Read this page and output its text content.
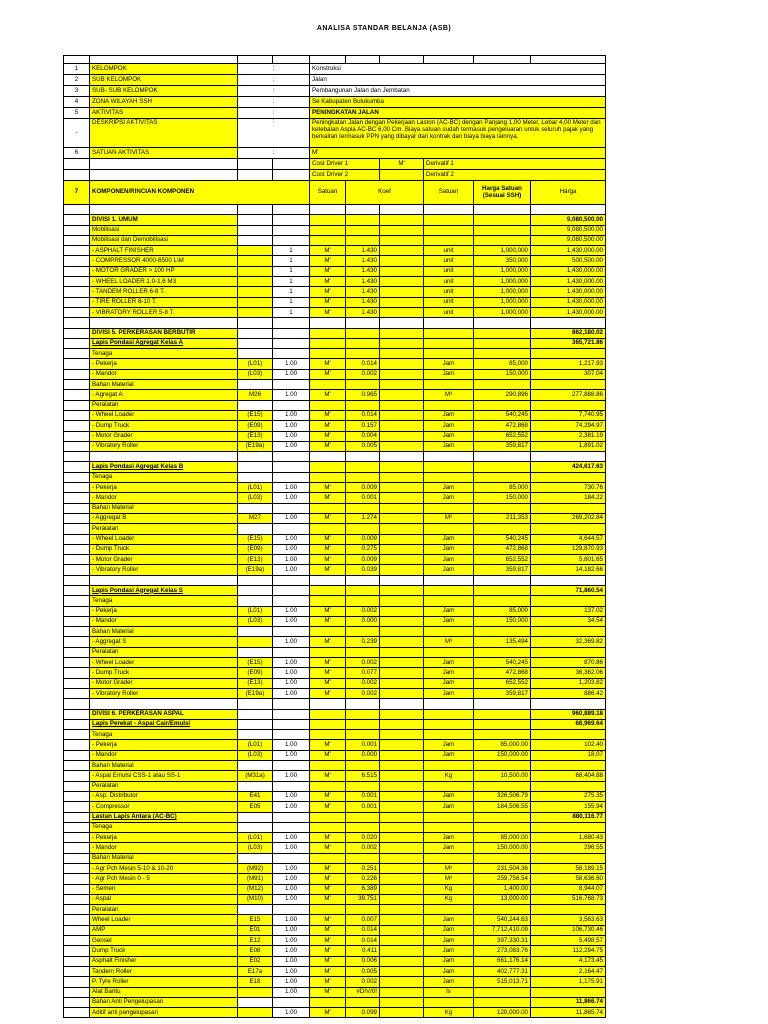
ANALISA STANDAR BELANJA (ASB)

1	KELOMPOK	:		Konstruksi					
2	SUB KELOMPOK	:		Jalan					
3	SUB- SUB KELOMPOK	:		Pembangunan Jalan dan Jembatan					
4	ZONA WILAYAH SSH	:		Se Kabupaten Bulukumba					
5	AKTIVITAS	:		PENINGKATAN JALAN					
-	DESKRIPSI AKTIVITAS	:		Peningkatan Jalan dengan Pekerjaan Laston (AC-BC) dengan Panjang 1,00 Meter, Lebar 4,00 Meter dan ketebalan Aspla AC-BC 6,00 Cm. Biaya satuan sudah termasuk pengeluaran untuk seluruh pajak yang berkaitan termasuk PPN yang dibayar dari kontrak dan biaya biaya lainnya.					
6	SATUAN AKTIVITAS	:		M'					
				Cost Driver 1		M'	Derivatif 1		
				Cost Driver 2			Derivatif 2		
7	KOMPONEN/RINCIAN KOMPONEN			Satuan	Koef		Satuan	Harga Satuan (Sesuai SSH)	Harga

	DIVISI 1. UMUM								9,080,500.00
	Mobilisasi								9,080,500.00
	Mobilisasi dan Demobilisasi								9,080,500.00
	- ASPHALT FINISHER		1	M'	1.430		unit	1,000,000	1,430,000.00
	- COMPRESSOR 4000-6500 L\M		1	M'	1.430		unit	350,000	500,500.00
	- MOTOR GRADER > 100 HP		1	M'	1.430		unit	1,000,000	1,430,000.00
	- WHEEL LOADER 1.0-1.6 M3		1	M'	1.430		unit	1,000,000	1,430,000.00
	- TANDEM ROLLER 6-8 T.		1	M'	1.430		unit	1,000,000	1,430,000.00
	- TIRE ROLLER 8-10 T.		1	M'	1.430		unit	1,000,000	1,430,000.00
	- VIBRATORY ROLLER 5-8 T.		1	M'	1.430		unit	1,000,000	1,430,000.00

	DIVISI 5. PERKERASAN BERBUTIR								862,180.02
	Lapis Pondasi Agregat Kelas A								365,721.86
	Tenaga								
	- Pekerja	(L01)	1.00	M'	0.014		Jam	85,000	1,217.93
	- Mandor	(L03)	1.00	M'	0.002		Jam	150,000	307.04
	Bahan Material								
	- Agregat A	M26	1.00	M'	0.965		M³	290,896	277,888.86
	Peralatan								
	- Wheel Loader	(E15)	1.00	M'	0.014		Jam	540,245	7,740.95
	- Dump Truck	(E09)	1.00	M'	0.157		Jam	472,868	74,294.97
	- Motor Grader	(E13)	1.00	M'	0.004		Jam	652,552	2,381.19
	- Vibratory Roller	(E19a)	1.00	M'	0.005		Jam	359,817	1,891.02

	Lapis Pondasi Agregat Kelas B								424,617.63
	Tenaga								
	- Pekerja	(L01)	1.00	M'	0.009		Jam	85,000	730.76
	- Mandor	(L03)	1.00	M'	0.001		Jam	150,000	184.22
	Bahan Material								
	- Aggregat B	M27	1.00	M'	1.274		M³	211,353	269,202.84
	Peralatan								
	- Wheel Loader	(E15)	1.00	M'	0.009		Jam	540,245	4,644.57
	- Dump Truck	(E09)	1.00	M'	0.275		Jam	472,868	129,870.93
	- Motor Grader	(E13)	1.00	M'	0.009		Jam	652,552	5,801.65
	- Vibratory Roller	(E19a)	1.00	M'	0.039		Jam	359,817	14,182.66

	Lapis Pondasi Agregat Kelas S								71,860.54
	Tenaga								
	- Pekerja	(L01)	1.00	M'	0.002		Jam	85,000	137.02
	- Mandor	(L03)	1.00	M'	0.000		Jam	150,000	34.54
	Bahan Material								
	- Aggregat S		1.00	M'	0.239		M³	135,494	32,369.82
	Peralatan								
	- Wheel Loader	(E15)	1.00	M'	0.002		Jam	540,245	870.86
	- Dump Truck	(E09)	1.00	M'	0.077		Jam	472,868	36,362.06
	- Motor Grader	(E13)	1.00	M'	0.002		Jam	652,552	1,203.82
	- Vibratory Roller	(E19a)	1.00	M'	0.002		Jam	359,817	886.42

	DIVISI 6. PERKERASAN ASPAL								960,889.18
	Lapis Perekat - Aspal Cair/Emulsi								68,969.64
	Tenaga								
	- Pekerja	(L01)	1.00	M'	0.001		Jam	85,000.00	102.40
	- Mandor	(L03)	1.00	M'	0.000		Jam	150,000.00	18.07
	Bahan Material								
	- Aspal Emulsi CSS-1 atau SS-1	(M31a)	1.00	M'	6.515		Kg	10,500.00	68,404.88
	Peralatan								
	- Asp. Distributor	E41	1.00	M'	0.001		Jam	326,506.79	275.35
	- Compressor	E05	1.00	M'	0.001		Jam	184,506.55	155.94
	Lastan Lapis Antara (AC-BC)								880,116.77
	Tenaga								
	- Pekerja	(L01)	1.00	M'	0.020		Jam	85,000.00	1,680.43
	- Mandor	(L03)	1.00	M'	0.002		Jam	150,000.00	296.55
	Bahan Material								
	- Agr Pch Mesin 5-10 & 10-20	(M92)	1.00	M'	0.251		M³	231,504.36	58,189.15
	- Agr Pch Mesin 0 - 5	(M91)	1.00	M'	0.226		M³	259,756.54	58,636.60
	- Semen	(M12)	1.00	M'	6.389		Kg	1,400.00	8,944.07
	- Aspal	(M10)	1.00	M'	39.751		Kg	13,000.00	516,768.73
	Peralatan								
	Wheel Loader	E15	1.00	M'	0.007		Jam	540,244.63	3,563.63
	AMP	E01	1.00	M'	0.014		Jam	7,712,410.09	106,730.46
	Gensel	E12	1.00	M'	0.014		Jam	397,330.31	5,498.57
	Dump Truck	E08	1.00	M'	0.411		Jam	273,083.76	112,294.75
	Asphalt Finisher	E02	1.00	M'	0.006		Jam	661,176.14	4,173.45
	Tandem Roller	E17a	1.00	M'	0.005		Jam	402,777.31	2,164.47
	P. Tyre Roller	E18	1.00	M'	0.002		Jam	515,013.71	1,175.91
	Alat Bantu		1.00	M'	#DIV/0!		ls		
	Bahan Anti Pengelupasan								11,866.74
	Aditif anti pengelupasan		1.00	M'	0.099		Kg	120,000.00	11,865.74
